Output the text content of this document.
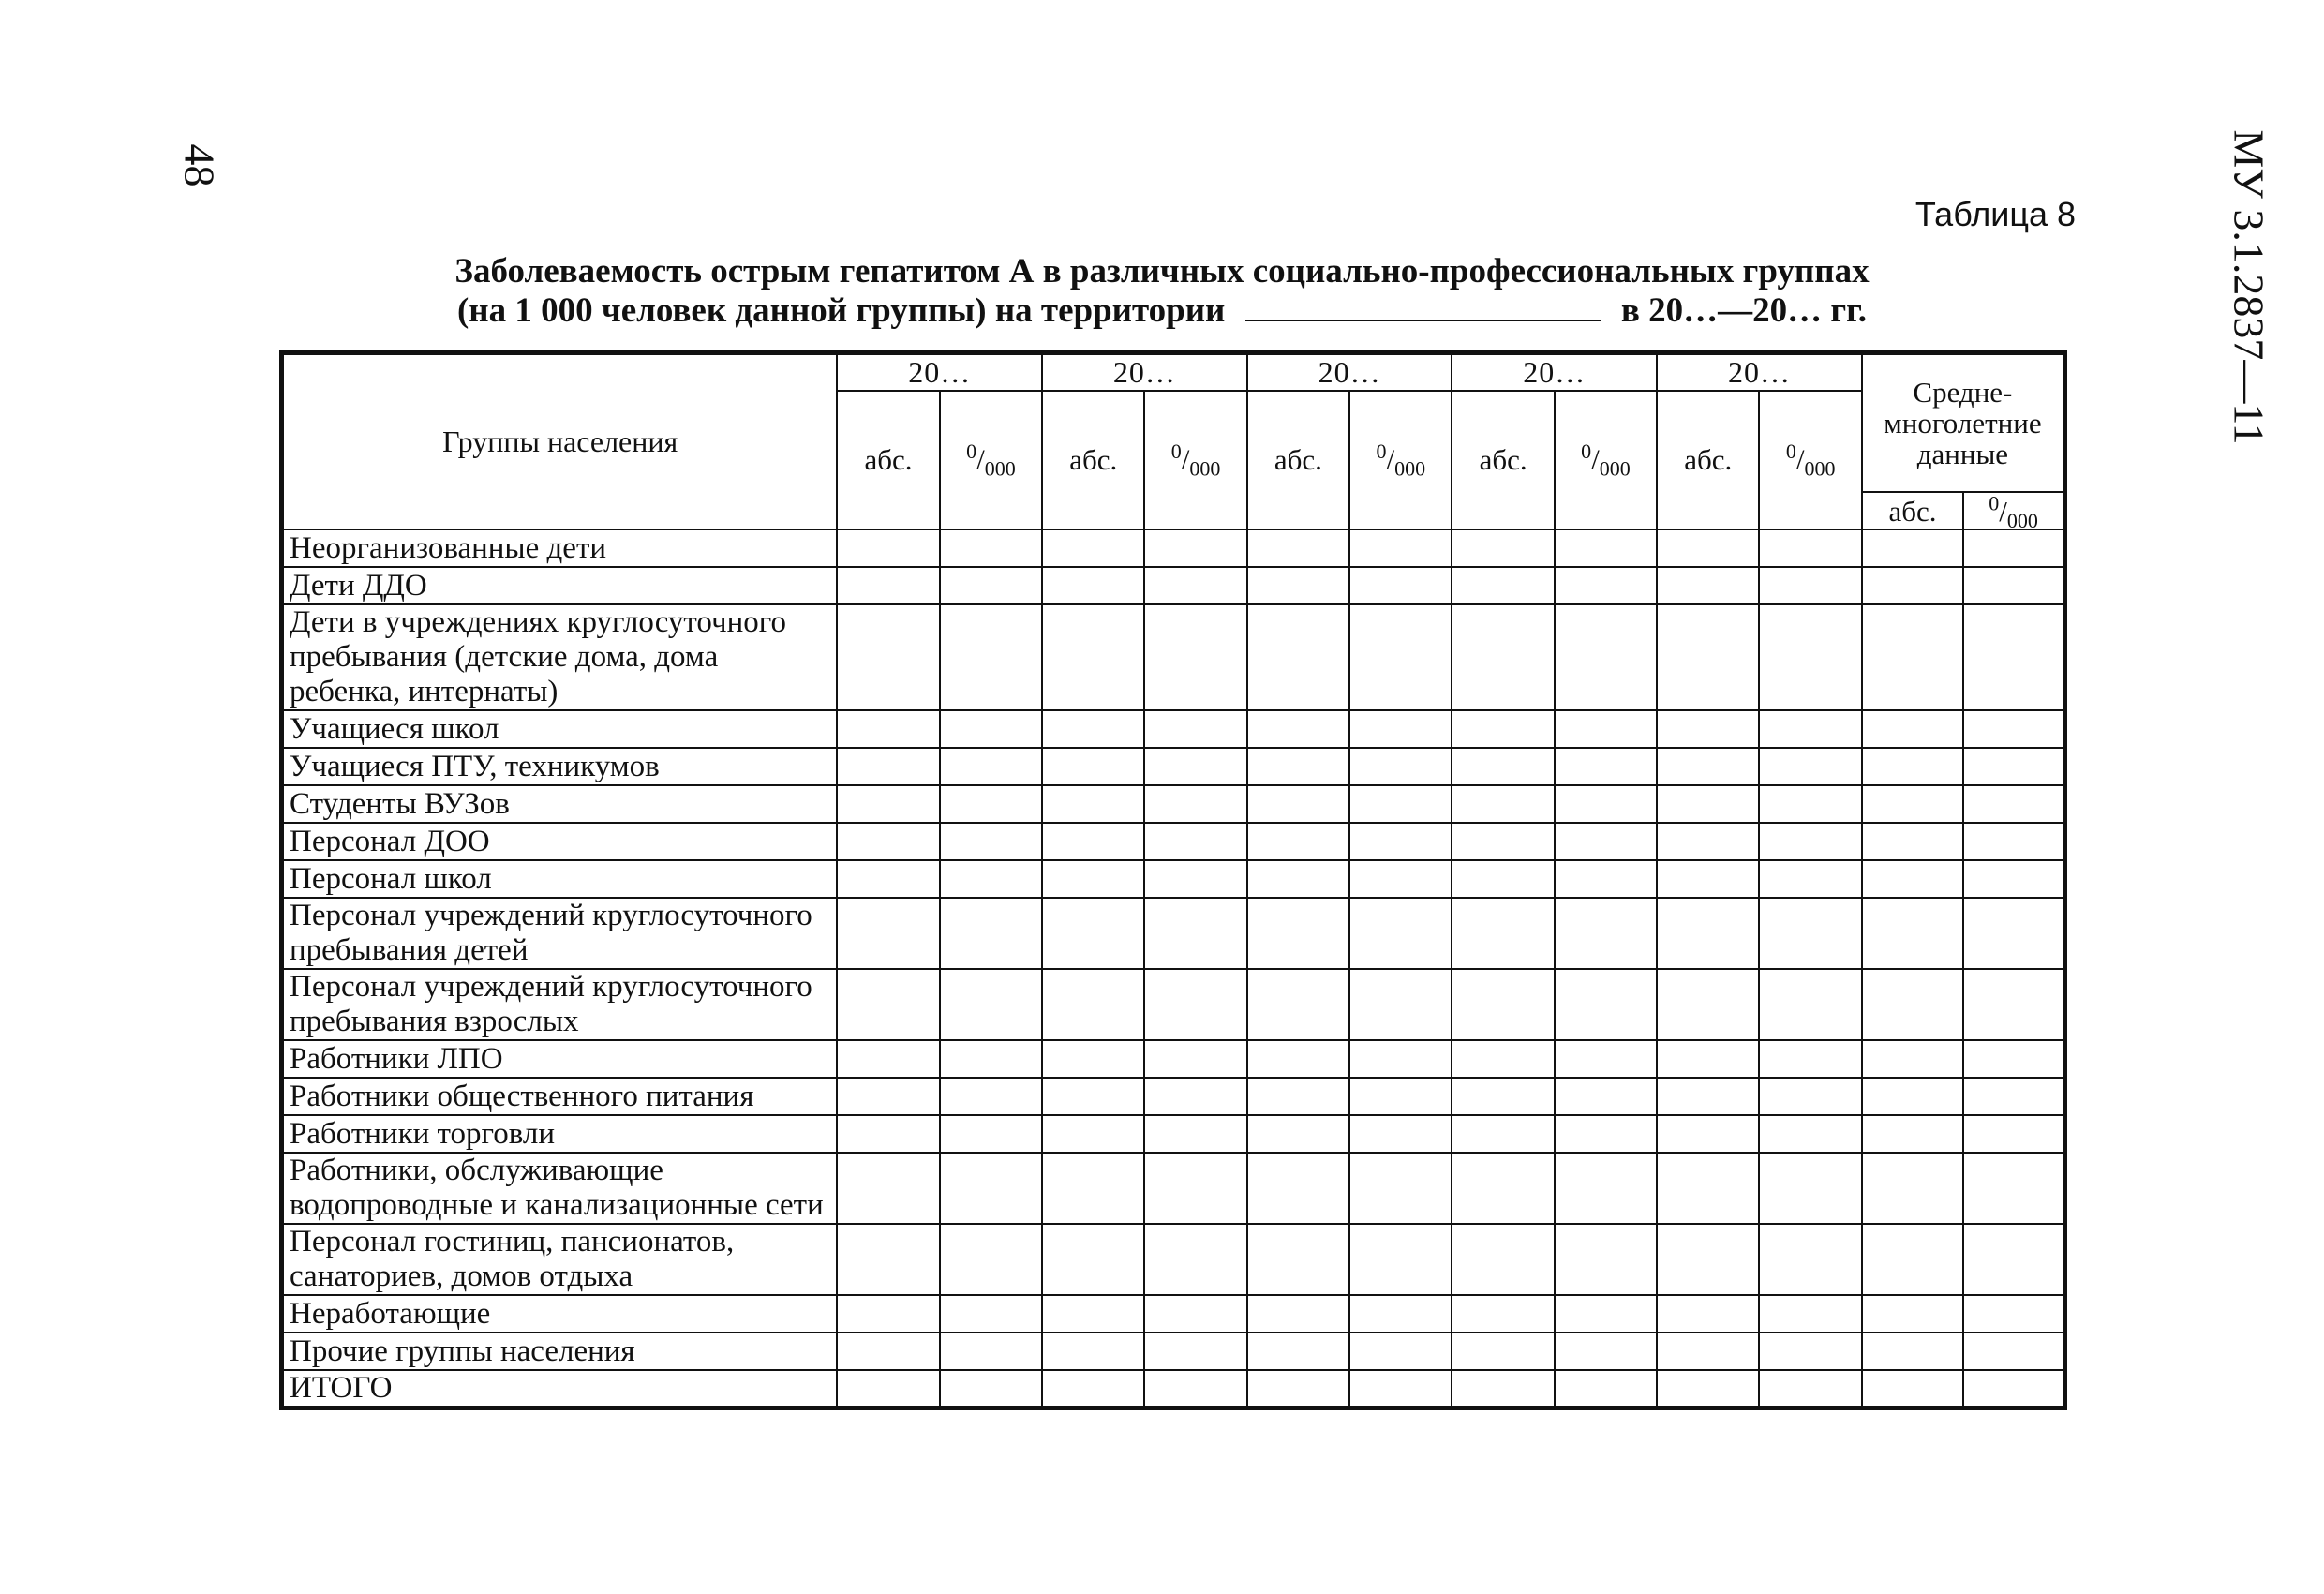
48	МУ 3.1.2837—11
Таблица 8
Заболеваемость острым гепатитом А в различных социально-профессиональных группах
(на 1 000 человек данной группы) на территории	в 20…—20… гг.
Группы населения	20…		20…		20…		20…		20…		Средне-многолетние данные	
	абс.	$^0/_{000}$	абс.	$^0/_{000}$	абс.	$^0/_{000}$	абс.	$^0/_{000}$	абс.	$^0/_{000}$
											абс.	$^0/_{000}$
Неорганизованные дети												
Дети ДДО												
Дети в учреждениях круглосуточного пребывания (детские дома, дома ребенка, интернаты)												
Учащиеся школ												
Учащиеся ПТУ, техникумов												
Студенты ВУЗов												
Персонал ДОО												
Персонал школ												
Персонал учреждений круглосуточного пребывания детей												
Персонал учреждений круглосуточного пребывания взрослых												
Работники ЛПО												
Работники общественного питания												
Работники торговли												
Работники, обслуживающие водопроводные и канализационные сети												
Персонал гостиниц, пансионатов, санаториев, домов отдыха												
Неработающие												
Прочие группы населения												
ИТОГО												
